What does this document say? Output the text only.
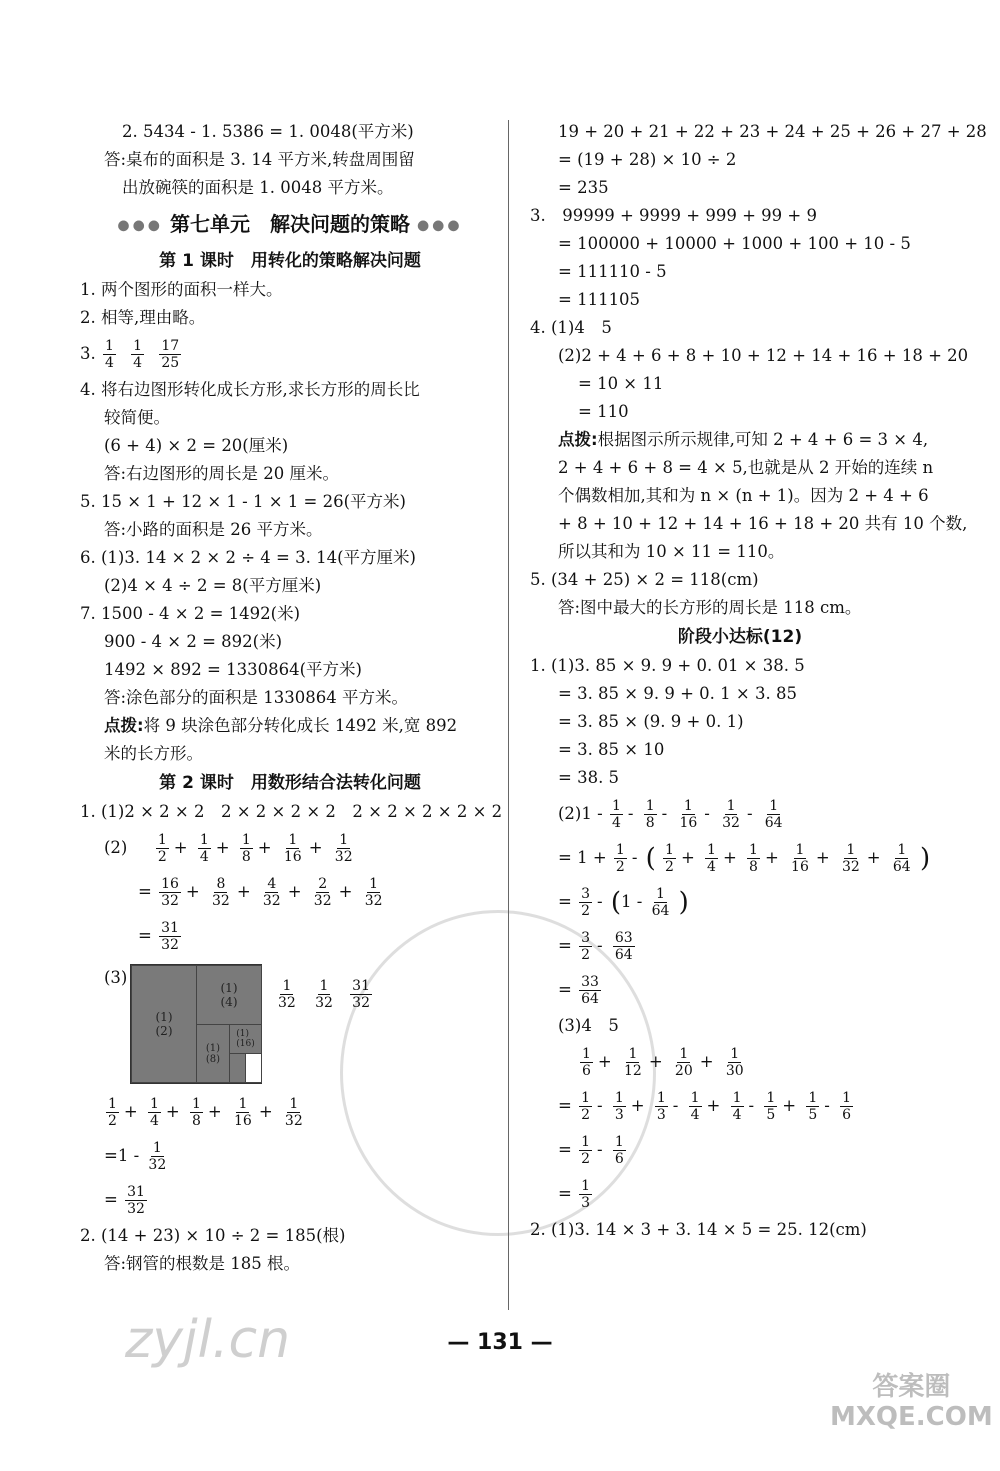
2. 5434 - 1. 5386 = 1. 0048(平方米)
答:桌布的面积是 3. 14 平方米,转盘周围留
出放碗筷的面积是 1. 0048 平方米。
●●● 第七单元　解决问题的策略 ●●●
第 1 课时　用转化的策略解决问题
1. 两个图形的面积一样大。
2. 相等,理由略。
3. $\frac{1}{4}$
$\frac{1}{4}$
$\frac{17}{25}$
4. 将右边图形转化成长方形,求长方形的周长比
较简便。
(6 + 4) × 2 = 20(厘米)
答:右边图形的周长是 20 厘米。
5. 15 × 1 + 12 × 1 - 1 × 1 = 26(平方米)
答:小路的面积是 26 平方米。
6. (1)3. 14 × 2 × 2 ÷ 4 = 3. 14(平方厘米)
(2)4 × 4 ÷ 2 = 8(平方厘米)
7. 1500 - 4 × 2 = 1492(米)
900 - 4 × 2 = 892(米)
1492 × 892 = 1330864(平方米)
答:涂色部分的面积是 1330864 平方米。
点拨:将 9 块涂色部分转化成长 1492 米,宽 892
米的长方形。
第 2 课时　用数形结合法转化问题
1. (1)2 × 2 × 2　2 × 2 × 2 × 2　2 × 2 × 2 × 2 × 2
$(2) \frac{1}{2} + \frac{1}{4} + \frac{1}{8} + \frac{1}{16} + \frac{1}{32}$
= $\frac{16}{32} + \frac{8}{32} + \frac{4}{32} + \frac{2}{32} + \frac{1}{32}$
= $\frac{31}{32}$
(3)
(1)
(2)
(1)
(4)
(1)
(8)
(1)
(16)
$\frac{1}{32}$
$\frac{1}{32}$
$\frac{31}{32}$
$\frac{1}{2} + \frac{1}{4} + \frac{1}{8} + \frac{1}{16} + \frac{1}{32}$
$=1 - \frac{1}{32}$
= $\frac{31}{32}$
2. (14 + 23) × 10 ÷ 2 = 185(根)
答:钢管的根数是 185 根。
19 + 20 + 21 + 22 + 23 + 24 + 25 + 26 + 27 + 28
= (19 + 28) × 10 ÷ 2
= 235
3.　99999 + 9999 + 999 + 99 + 9
= 100000 + 10000 + 1000 + 100 + 10 - 5
= 111110 - 5
= 111105
4. (1)4　5
(2)2 + 4 + 6 + 8 + 10 + 12 + 14 + 16 + 18 + 20
= 10 × 11
= 110
点拨:根据图示所示规律,可知 2 + 4 + 6 = 3 × 4,
2 + 4 + 6 + 8 = 4 × 5,也就是从 2 开始的连续 n
个偶数相加,其和为 n × (n + 1)。因为 2 + 4 + 6
+ 8 + 10 + 12 + 14 + 16 + 18 + 20 共有 10 个数,
所以其和为 10 × 11 = 110。
5. (34 + 25) × 2 = 118(cm)
答:图中最大的长方形的周长是 118 cm。
阶段小达标(12)
1. (1)3. 85 × 9. 9 + 0. 01 × 38. 5
= 3. 85 × 9. 9 + 0. 1 × 3. 85
= 3. 85 × (9. 9 + 0. 1)
= 3. 85 × 10
= 38. 5
$(2)1 - \frac{1}{4} - \frac{1}{8} - \frac{1}{16} - \frac{1}{32} - \frac{1}{64}$
= $1 + \frac{1}{2}$ - ( $\frac{1}{2} + \frac{1}{4} + \frac{1}{8} + \frac{1}{16} + \frac{1}{32} + \frac{1}{64}$ )
= $\frac{3}{2} - (1 - \frac{1}{64}$ )
= $\frac{3}{2} - \frac{63}{64}$
= $\frac{33}{64}$
(3)4　5
$\frac{1}{6} + \frac{1}{12} + \frac{1}{20} + \frac{1}{30}$
= $\frac{1}{2} - \frac{1}{3} + \frac{1}{3} - \frac{1}{4} + \frac{1}{4} - \frac{1}{5} + \frac{1}{5} - \frac{1}{6}$
= $\frac{1}{2} - \frac{1}{6}$
= $\frac{1}{3}$
2. (1)3. 14 × 3 + 3. 14 × 5 = 25. 12(cm)
— 131 —
zyjl.cn
答案圈
MXQE.COM
